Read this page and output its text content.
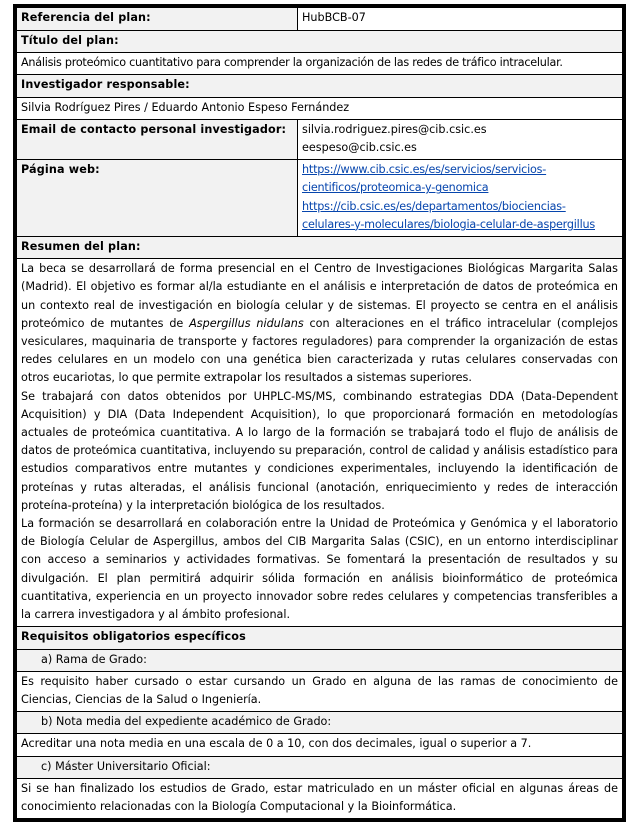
Referencia del plan:	HubBCB-07
Título del plan:	
Análisis proteómico cuantitativo para comprender la organización de las redes de tráfico intracelular.	
Investigador responsable:	
Silvia Rodríguez Pires / Eduardo Antonio Espeso Fernández	
Email de contacto personal investigador:	silvia.rodriguez.pires@cib.csic.es
eespeso@cib.csic.es

Página web:	https://www.cib.csic.es/es/servicios/servicios-cientificos/proteomica-y-genomica
https://cib.csic.es/es/departamentos/biociencias-celulares-y-moleculares/biologia-celular-de-aspergillus

Resumen del plan:	

La beca se desarrollará de forma presencial en el Centro de Investigaciones Biológicas Margarita Salas (Madrid). El objetivo es formar al/la estudiante en el análisis e interpretación de datos de proteómica en un contexto real de investigación en biología celular y de sistemas. El proyecto se centra en el análisis proteómico de mutantes de Aspergillus nidulans con alteraciones en el tráfico intracelular (complejos vesiculares, maquinaria de transporte y factores reguladores) para comprender la organización de estas redes celulares en un modelo con una genética bien caracterizada y rutas celulares conservadas con otros eucariotas, lo que permite extrapolar los resultados a sistemas superiores.
Se trabajará con datos obtenidos por UHPLC-MS/MS, combinando estrategias DDA (Data-Dependent Acquisition) y DIA (Data Independent Acquisition), lo que proporcionará formación en metodologías actuales de proteómica cuantitativa. A lo largo de la formación se trabajará todo el flujo de análisis de datos de proteómica cuantitativa, incluyendo su preparación, control de calidad y análisis estadístico para estudios comparativos entre mutantes y condiciones experimentales, incluyendo la identificación de proteínas y rutas alteradas, el análisis funcional (anotación, enriquecimiento y redes de interacción proteína-proteína) y la interpretación biológica de los resultados.
La formación se desarrollará en colaboración entre la Unidad de Proteómica y Genómica y el laboratorio de Biología Celular de Aspergillus, ambos del CIB Margarita Salas (CSIC), en un entorno interdisciplinar con acceso a seminarios y actividades formativas. Se fomentará la presentación de resultados y su divulgación. El plan permitirá adquirir sólida formación en análisis bioinformático de proteómica cuantitativa, experiencia en un proyecto innovador sobre redes celulares y competencias transferibles a la carrera investigadora y al ámbito profesional.	

Requisitos obligatorios específicos	
a) Rama de Grado:	
Es requisito haber cursado o estar cursando un Grado en alguna de las ramas de conocimiento de Ciencias, Ciencias de la Salud o Ingeniería.	
b) Nota media del expediente académico de Grado:	
Acreditar una nota media en una escala de 0 a 10, con dos decimales, igual o superior a 7.	
c) Máster Universitario Oficial:	
Si se han finalizado los estudios de Grado, estar matriculado en un máster oficial en algunas áreas de conocimiento relacionadas con la Biología Computacional y la Bioinformática.	
